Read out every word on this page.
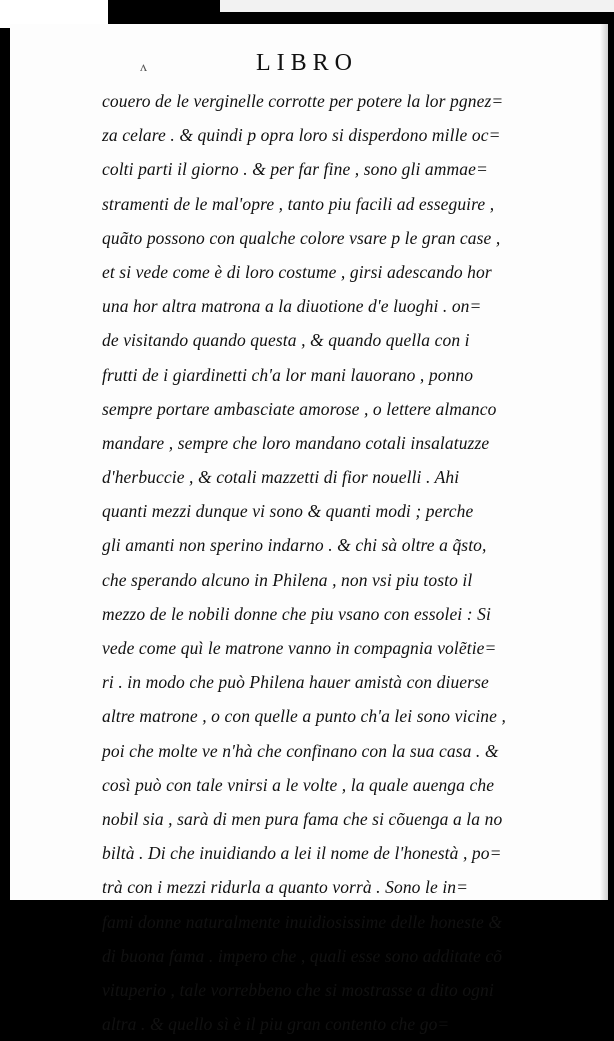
ʌ	LIBRO
couero de le verginelle corrotte per potere la lor pgnez=
za celare . & quindi p opra loro si disperdono mille oc=
colti parti il giorno . & per far fine , sono gli ammae=
stramenti de le mal'opre , tanto piu facili ad esseguire ,
quãto possono con qualche colore vsare p le gran case ,
et si vede come è di loro costume , girsi adescando hor
una hor altra matrona a la diuotione d'e luoghi . on=
de visitando quando questa , & quando quella con i
frutti de i giardinetti ch'a lor mani lauorano , ponno
sempre portare ambasciate amorose , o lettere almanco
mandare , sempre che loro mandano cotali insalatuzze
d'herbuccie , & cotali mazzetti di fior nouelli . Ahi
quanti mezzi dunque vi sono & quanti modi ; perche
gli amanti non sperino indarno . & chi sà oltre a q̃sto,
che sperando alcuno in Philena , non vsi piu tosto il
mezzo de le nobili donne che piu vsano con essolei : Si
vede come quì le matrone vanno in compagnia volẽtie=
ri . in modo che può Philena hauer amistà con diuerse
altre matrone , o con quelle a punto ch'a lei sono vicine ,
poi che molte ve n'hà che confinano con la sua casa . &
così può con tale vnirsi a le volte , la quale auenga che
nobil sia , sarà di men pura fama che si cõuenga a la no
biltà . Di che inuidiando a lei il nome de l'honestà , po=
trà con i mezzi ridurla a quanto vorrà . Sono le in=
fami donne naturalmente inuidiosissime delle honeste &
di buona fama . impero che , quali esse sono additate cõ
vituperio , tale vorrebbeno che si mostrasse a dito ogni
altra . & quello sì è il piu gran contento che go=
